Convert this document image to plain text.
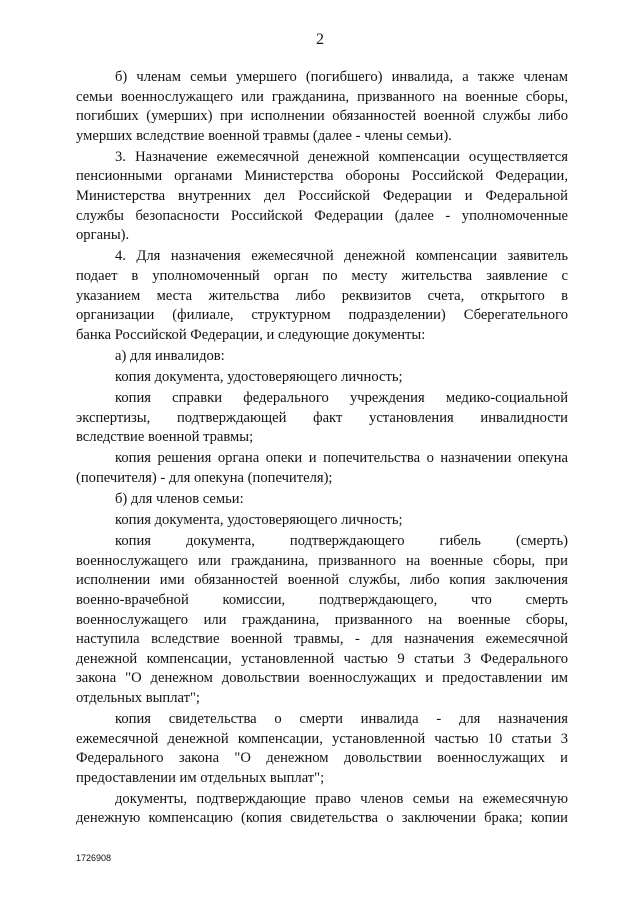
2
б) членам семьи умершего (погибшего) инвалида, а также членам
семьи военнослужащего или гражданина, призванного на военные сборы,
погибших (умерших) при исполнении обязанностей военной службы либо
умерших вследствие военной травмы (далее - члены семьи).
3. Назначение ежемесячной денежной компенсации осуществляется
пенсионными органами Министерства обороны Российской Федерации,
Министерства внутренних дел Российской Федерации и Федеральной
службы безопасности Российской Федерации (далее - уполномоченные
органы).
4. Для назначения ежемесячной денежной компенсации заявитель
подает в уполномоченный орган по месту жительства заявление с
указанием места жительства либо реквизитов счета, открытого в
организации (филиале, структурном подразделении) Сберегательного
банка Российской Федерации, и следующие документы:
а) для инвалидов:
копия документа, удостоверяющего личность;
копия справки федерального учреждения медико-социальной
экспертизы, подтверждающей факт установления инвалидности
вследствие военной травмы;
копия решения органа опеки и попечительства о назначении опекуна
(попечителя) - для опекуна (попечителя);
б) для членов семьи:
копия документа, удостоверяющего личность;
копия документа, подтверждающего гибель (смерть)
военнослужащего или гражданина, призванного на военные сборы, при
исполнении ими обязанностей военной службы, либо копия заключения
военно-врачебной комиссии, подтверждающего, что смерть
военнослужащего или гражданина, призванного на военные сборы,
наступила вследствие военной травмы, - для назначения ежемесячной
денежной компенсации, установленной частью 9 статьи 3 Федерального
закона "О денежном довольствии военнослужащих и предоставлении им
отдельных выплат";
копия свидетельства о смерти инвалида - для назначения
ежемесячной денежной компенсации, установленной частью 10 статьи 3
Федерального закона "О денежном довольствии военнослужащих и
предоставлении им отдельных выплат";
документы, подтверждающие право членов семьи на ежемесячную
денежную компенсацию (копия свидетельства о заключении брака; копии
1726908
